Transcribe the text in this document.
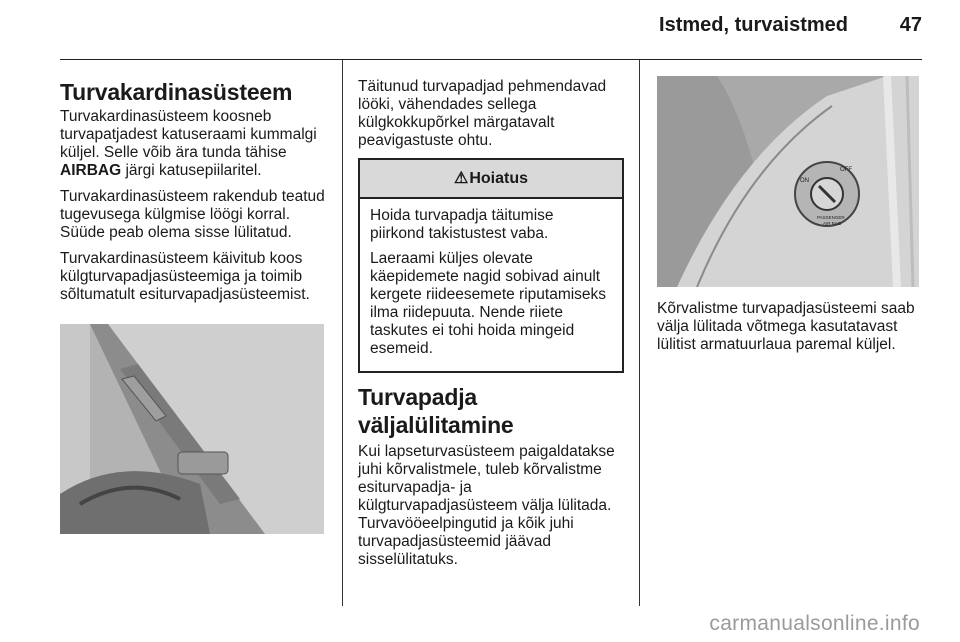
Istmed, turvaistmed	47
Turvakardinasüsteem

Turvakardinasüsteem koosneb turvapatjadest katuseraami kummalgi küljel. Selle võib ära tunda tähise AIRBAG järgi katusepiilaritel.

Turvakardinasüsteem rakendub teatud tugevusega külgmise löögi korral. Süüde peab olema sisse lülitatud.

Turvakardinasüsteem käivitub koos külgturvapadjasüsteemiga ja toimib sõltumatult esiturvapadjasüsteemist.

Täitunud turvapadjad pehmendavad lööki, vähendades sellega külgkokkupõrkel märgatavalt peavigastuste ohtu.

⚠ Hoiatus

Hoida turvapadja täitumise piirkond takistustest vaba.

Laeraami küljes olevate käepidemete nagid sobivad ainult kergete riideesemete riputamiseks ilma riidepuuta. Nende riiete taskutes ei tohi hoida mingeid esemeid.

Turvapadja väljalülitamine

Kui lapseturvasüsteem paigaldatakse juhi kõrvalistmele, tuleb kõrvalistme esiturvapadja- ja külgturvapadjasüsteem välja lülitada. Turvavööeelpingutid ja kõik juhi turvapadjasüsteemid jäävad sisselülitatuks.

ON
OFF
PASSENGER
AIR BAG

Kõrvalistme turvapadjasüsteemi saab välja lülitada võtmega kasutatavast lülitist armatuurlaua paremal küljel.

carmanualsonline.info
